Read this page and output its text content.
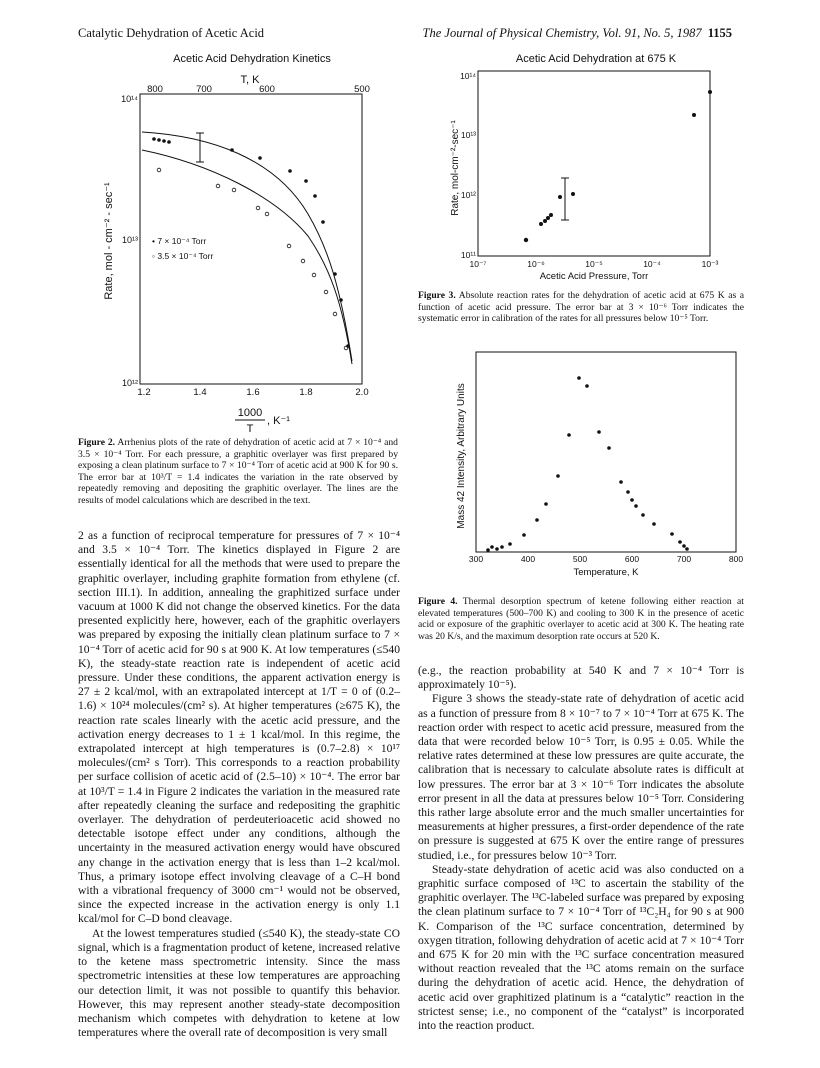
Catalytic Dehydration of Acetic Acid	The Journal of Physical Chemistry, Vol. 91, No. 5, 1987 1155
Acetic Acid Dehydration Kinetics
T, K
800	700	600	500
10¹⁴
10¹³
10¹²
Rate, mol - cm⁻² - sec⁻¹
1.2	1.4	1.6	1.8	2.0
1000
T
, K⁻¹
• 7 × 10⁻⁴ Torr
◦ 3.5 × 10⁻⁴ Torr
Figure 2. Arrhenius plots of the rate of dehydration of acetic acid at 7 × 10⁻⁴ and 3.5 × 10⁻⁴ Torr. For each pressure, a graphitic overlayer was first prepared by exposing a clean platinum surface to 7 × 10⁻⁴ Torr of acetic acid at 900 K for 90 s. The error bar at 10³/T = 1.4 indicates the variation in the rate observed by repeatedly removing and depositing the graphitic overlayer. The lines are the results of model calculations which are described in the text.

2 as a function of reciprocal temperature for pressures of 7 × 10⁻⁴ and 3.5 × 10⁻⁴ Torr. The kinetics displayed in Figure 2 are essentially identical for all the methods that were used to prepare the graphitic overlayer, including graphite formation from ethylene (cf. section III.1). In addition, annealing the graphitized surface under vacuum at 1000 K did not change the observed kinetics. For the data presented explicitly here, however, each of the graphitic overlayers was prepared by exposing the initially clean platinum surface to 7 × 10⁻⁴ Torr of acetic acid for 90 s at 900 K. At low temperatures (≤540 K), the steady-state reaction rate is independent of acetic acid pressure. Under these conditions, the apparent activation energy is 27 ± 2 kcal/mol, with an extrapolated intercept at 1/T = 0 of (0.2–1.6) × 10²⁴ molecules/(cm² s). At higher temperatures (≥675 K), the reaction rate scales linearly with the acetic acid pressure, and the activation energy decreases to 1 ± 1 kcal/mol. In this regime, the extrapolated intercept at high temperatures is (0.7–2.8) × 10¹⁷ molecules/(cm² s Torr). This corresponds to a reaction probability per surface collision of acetic acid of (2.5–10) × 10⁻⁴. The error bar at 10³/T = 1.4 in Figure 2 indicates the variation in the measured rate after repeatedly cleaning the surface and redepositing the graphitic overlayer. The dehydration of perdeuterioacetic acid showed no detectable isotope effect under any conditions, although the uncertainty in the measured activation energy would have obscured any change in the activation energy that is less than 1–2 kcal/mol. Thus, a primary isotope effect involving cleavage of a C–H bond with a vibrational frequency of 3000 cm⁻¹ would not be observed, since the expected increase in the activation energy is only 1.1 kcal/mol for C–D bond cleavage.

At the lowest temperatures studied (≤540 K), the steady-state CO signal, which is a fragmentation product of ketene, increased relative to the ketene mass spectrometric intensity. Since the mass spectrometric intensities at these low temperatures are approaching our detection limit, it was not possible to quantify this behavior. However, this may represent another steady-state decomposition mechanism which competes with dehydration to ketene at low temperatures where the overall rate of decomposition is very small

Acetic Acid Dehydration at 675 K
10¹⁴
10¹³
10¹²
10¹¹
Rate, mol-cm⁻²-sec⁻¹
10⁻⁷	10⁻⁶	10⁻⁵	10⁻⁴	10⁻³
Acetic Acid Pressure, Torr
Figure 3. Absolute reaction rates for the dehydration of acetic acid at 675 K as a function of acetic acid pressure. The error bar at 3 × 10⁻⁶ Torr indicates the systematic error in calibration of the rates for all pressures below 10⁻⁵ Torr.
Mass 42 Intensity, Arbitrary Units
300	400	500	600	700	800
Temperature, K
Figure 4. Thermal desorption spectrum of ketene following either reaction at elevated temperatures (500–700 K) and cooling to 300 K in the presence of acetic acid or exposure of the graphitic overlayer to acetic acid at 300 K. The heating rate was 20 K/s, and the maximum desorption rate occurs at 520 K.

(e.g., the reaction probability at 540 K and 7 × 10⁻⁴ Torr is approximately 10⁻⁵).

Figure 3 shows the steady-state rate of dehydration of acetic acid as a function of pressure from 8 × 10⁻⁷ to 7 × 10⁻⁴ Torr at 675 K. The reaction order with respect to acetic acid pressure, measured from the data that were recorded below 10⁻⁵ Torr, is 0.95 ± 0.05. While the relative rates determined at these low pressures are quite accurate, the calibration that is necessary to calculate absolute rates is difficult at low pressures. The error bar at 3 × 10⁻⁶ Torr indicates the absolute error present in all the data at pressures below 10⁻⁵ Torr. Considering this rather large absolute error and the much smaller uncertainties for measurements at higher pressures, a first-order dependence of the rate on pressure is suggested at 675 K over the entire range of pressures studied, i.e., for pressures below 10⁻³ Torr.

Steady-state dehydration of acetic acid was also conducted on a graphitic surface composed of ¹³C to ascertain the stability of the graphitic overlayer. The ¹³C-labeled surface was prepared by exposing the clean platinum surface to 7 × 10⁻⁴ Torr of ¹³C₂H₄ for 90 s at 900 K. Comparison of the ¹³C surface concentration, determined by oxygen titration, following dehydration of acetic acid at 7 × 10⁻⁴ Torr and 675 K for 20 min with the ¹³C surface concentration measured without reaction revealed that the ¹³C atoms remain on the surface during the dehydration of acetic acid. Hence, the dehydration of acetic acid over graphitized platinum is a “catalytic” reaction in the strictest sense; i.e., no component of the “catalyst” is incorporated into the reaction product.
